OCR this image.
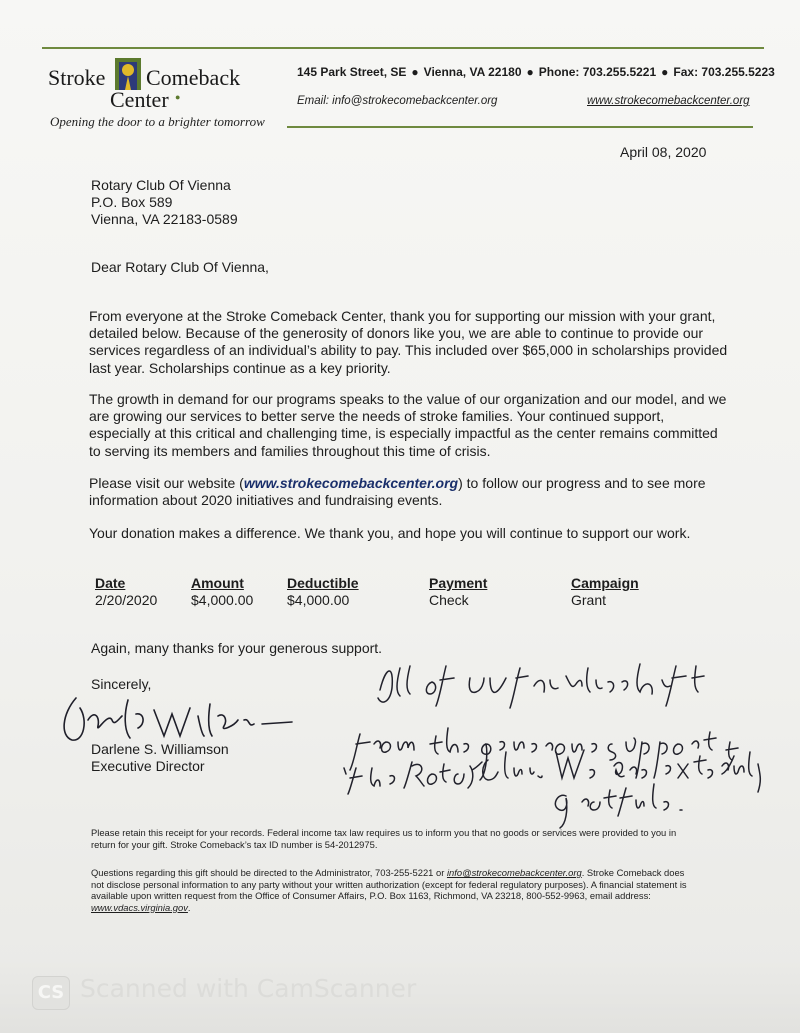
Stroke Comeback
Center ●
Opening the door to a brighter tomorrow
145 Park Street, SE ● Vienna, VA 22180 ● Phone: 703.255.5221 ● Fax: 703.255.5223
Email: info@strokecomebackcenter.org	www.strokecomebackcenter.org
April 08, 2020
Rotary Club Of Vienna
P.O. Box 589
Vienna, VA 22183-0589
Dear Rotary Club Of Vienna,

From everyone at the Stroke Comeback Center, thank you for supporting our mission with your grant, detailed below. Because of the generosity of donors like you, we are able to continue to provide our services regardless of an individual’s ability to pay. This included over $65,000 in scholarships provided last year. Scholarships continue as a key priority.

The growth in demand for our programs speaks to the value of our organization and our model, and we are growing our services to better serve the needs of stroke families. Your continued support, especially at this critical and challenging time, is especially impactful as the center remains committed to serving its members and families throughout this time of crisis.

Please visit our website (www.strokecomebackcenter.org) to follow our progress and to see more information about 2020 initiatives and fundraising events.

Your donation makes a difference. We thank you, and hope you will continue to support our work.

Date	Amount	Deductible	Payment	Campaign
2/20/2020 $4,000.00 $4,000.00	Check	Grant
Again, many thanks for your generous support.
Sincerely,
Darlene S. Williamson
Executive Director

Please retain this receipt for your records. Federal income tax law requires us to inform you that no goods or services were provided to you in return for your gift. Stroke Comeback’s tax ID number is 54-2012975.

Questions regarding this gift should be directed to the Administrator, 703-255-5221 or info@strokecomebackcenter.org. Stroke Comeback does not disclose personal information to any party without your written authorization (except for federal regulatory purposes). A financial statement is available upon written request from the Office of Consumer Affairs, P.O. Box 1163, Richmond, VA 23218, 800-552-9963, email address: www.vdacs.virginia.gov.

CS Scanned with CamScanner
